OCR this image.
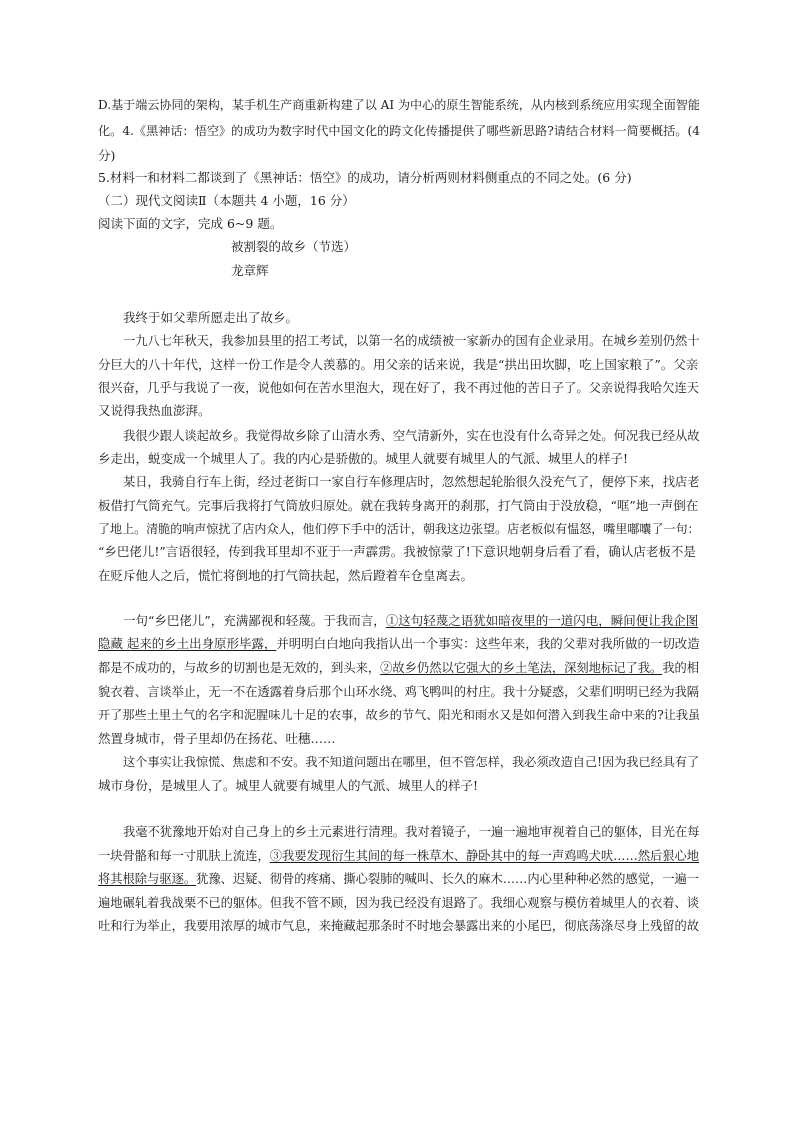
D.基于端云协同的架构，某手机生产商重新构建了以 AI 为中心的原生智能系统，从内核到系统应用实现全面智能
化。4.《黑神话：悟空》的成功为数字时代中国文化的跨文化传播提供了哪些新思路?请结合材料一简要概括。(4
分)
5.材料一和材料二都谈到了《黑神话：悟空》的成功，请分析两则材料侧重点的不同之处。(6 分)
（二）现代文阅读Ⅱ（本题共 4 小题，16 分）
阅读下面的文字，完成 6~9 题。
被割裂的故乡（节选）
龙章辉
我终于如父辈所愿走出了故乡。
一九八七年秋天，我参加县里的招工考试，以第一名的成绩被一家新办的国有企业录用。在城乡差别仍然十
分巨大的八十年代，这样一份工作是令人羡慕的。用父亲的话来说，我是“拱出田坎脚，吃上国家粮了”。父亲
很兴奋，几乎与我说了一夜，说他如何在苦水里泡大，现在好了，我不再过他的苦日子了。父亲说得我哈欠连天
又说得我热血澎湃。
我很少跟人谈起故乡。我觉得故乡除了山清水秀、空气清新外，实在也没有什么奇异之处。何况我已经从故
乡走出，蜕变成一个城里人了。我的内心是骄傲的。城里人就要有城里人的气派、城里人的样子!
某日，我骑自行车上街，经过老街口一家自行车修理店时，忽然想起轮胎很久没充气了，便停下来，找店老
板借打气筒充气。完事后我将打气筒放归原处。就在我转身离开的刹那，打气筒由于没放稳，“哐”地一声倒在
了地上。清脆的响声惊扰了店内众人，他们停下手中的活计，朝我这边张望。店老板似有愠怒，嘴里嘟囔了一句：
“乡巴佬儿!”言语很轻，传到我耳里却不亚于一声霹雳。我被惊蒙了!下意识地朝身后看了看，确认店老板不是
在贬斥他人之后，慌忙将倒地的打气筒扶起，然后蹬着车仓皇离去。
一句“乡巴佬儿”，充满鄙视和轻蔑。于我而言，①这句轻蔑之语犹如暗夜里的一道闪电，瞬间便让我企图
隐藏 起来的乡土出身原形毕露，并明明白白地向我指认出一个事实：这些年来，我的父辈对我所做的一切改造
都是不成功的，与故乡的切割也是无效的，到头来，②故乡仍然以它强大的乡土笔法，深刻地标记了我。我的相
貌衣着、言谈举止，无一不在透露着身后那个山环水绕、鸡飞鸭叫的村庄。我十分疑惑，父辈们明明已经为我隔
开了那些土里土气的名字和泥腥味儿十足的农事，故乡的节气、阳光和雨水又是如何潜入到我生命中来的?让我虽
然置身城市，骨子里却仍在扬花、吐穗……
这个事实让我惊慌、焦虑和不安。我不知道问题出在哪里，但不管怎样，我必须改造自己!因为我已经具有了
城市身份，是城里人了。城里人就要有城里人的气派、城里人的样子!
我毫不犹豫地开始对自己身上的乡土元素进行清理。我对着镜子，一遍一遍地审视着自己的躯体，目光在每
一块骨骼和每一寸肌肤上流连，③我要发现衍生其间的每一株草木、静卧其中的每一声鸡鸣犬吠……然后狠心地
将其根除与驱逐。犹豫、迟疑、彻骨的疼痛、撕心裂肺的喊叫、长久的麻木……内心里种种必然的感觉，一遍一
遍地碾轧着我战栗不已的躯体。但我不管不顾，因为我已经没有退路了。我细心观察与模仿着城里人的衣着、谈
吐和行为举止，我要用浓厚的城市气息，来掩藏起那条时不时地会暴露出来的小尾巴，彻底荡涤尽身上残留的故
